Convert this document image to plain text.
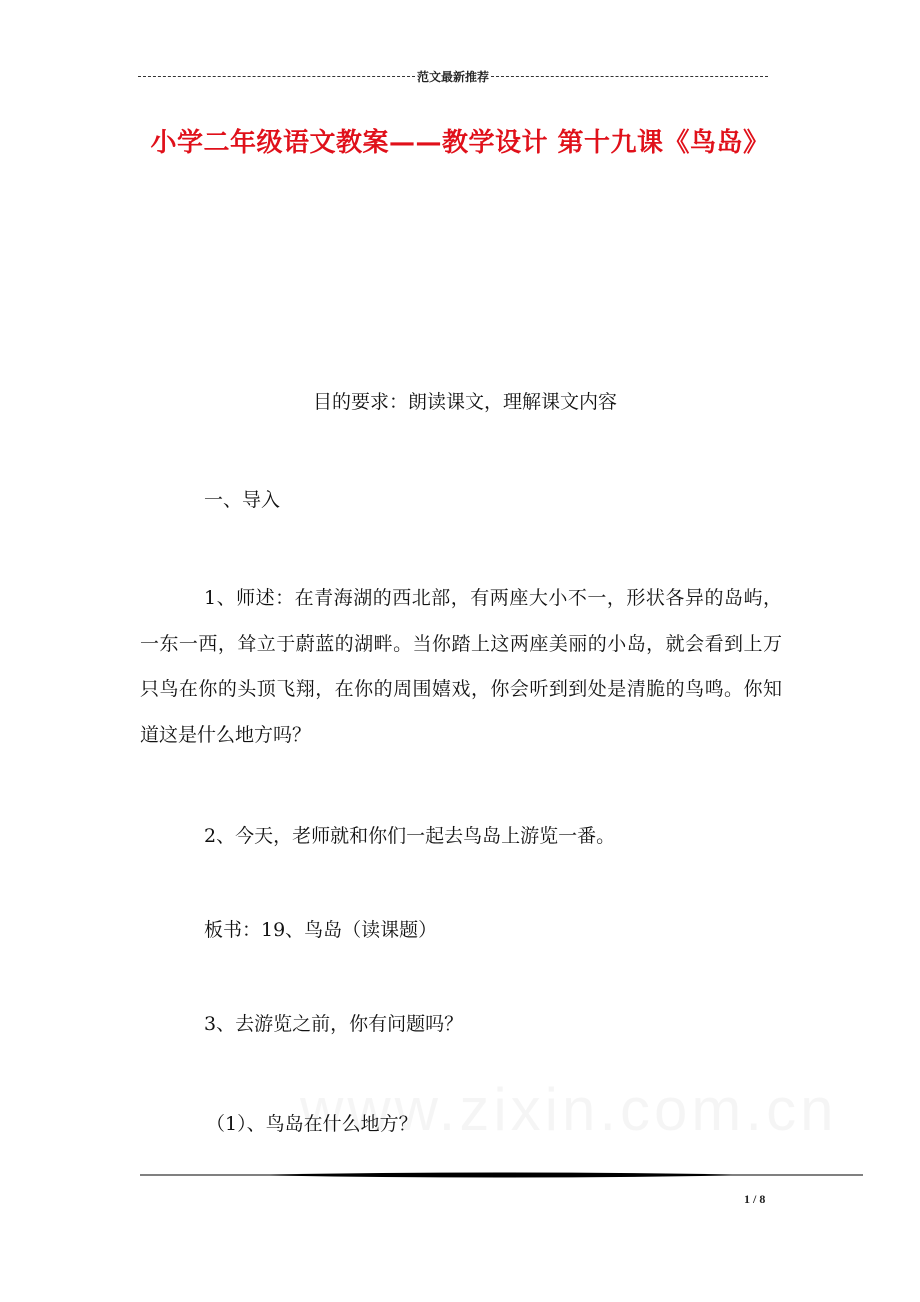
范文最新推荐
小学二年级语文教案——教学设计 第十九课《鸟岛》
目的要求：朗读课文，理解课文内容
一、导入
1、师述：在青海湖的西北部，有两座大小不一，形状各异的岛屿，一东一西，耸立于蔚蓝的湖畔。当你踏上这两座美丽的小岛，就会看到上万只鸟在你的头顶飞翔，在你的周围嬉戏，你会听到到处是清脆的鸟鸣。你知道这是什么地方吗？
2、今天，老师就和你们一起去鸟岛上游览一番。
板书：19、鸟岛（读课题）
3、去游览之前，你有问题吗？
（1）、鸟岛在什么地方？
1 / 8
